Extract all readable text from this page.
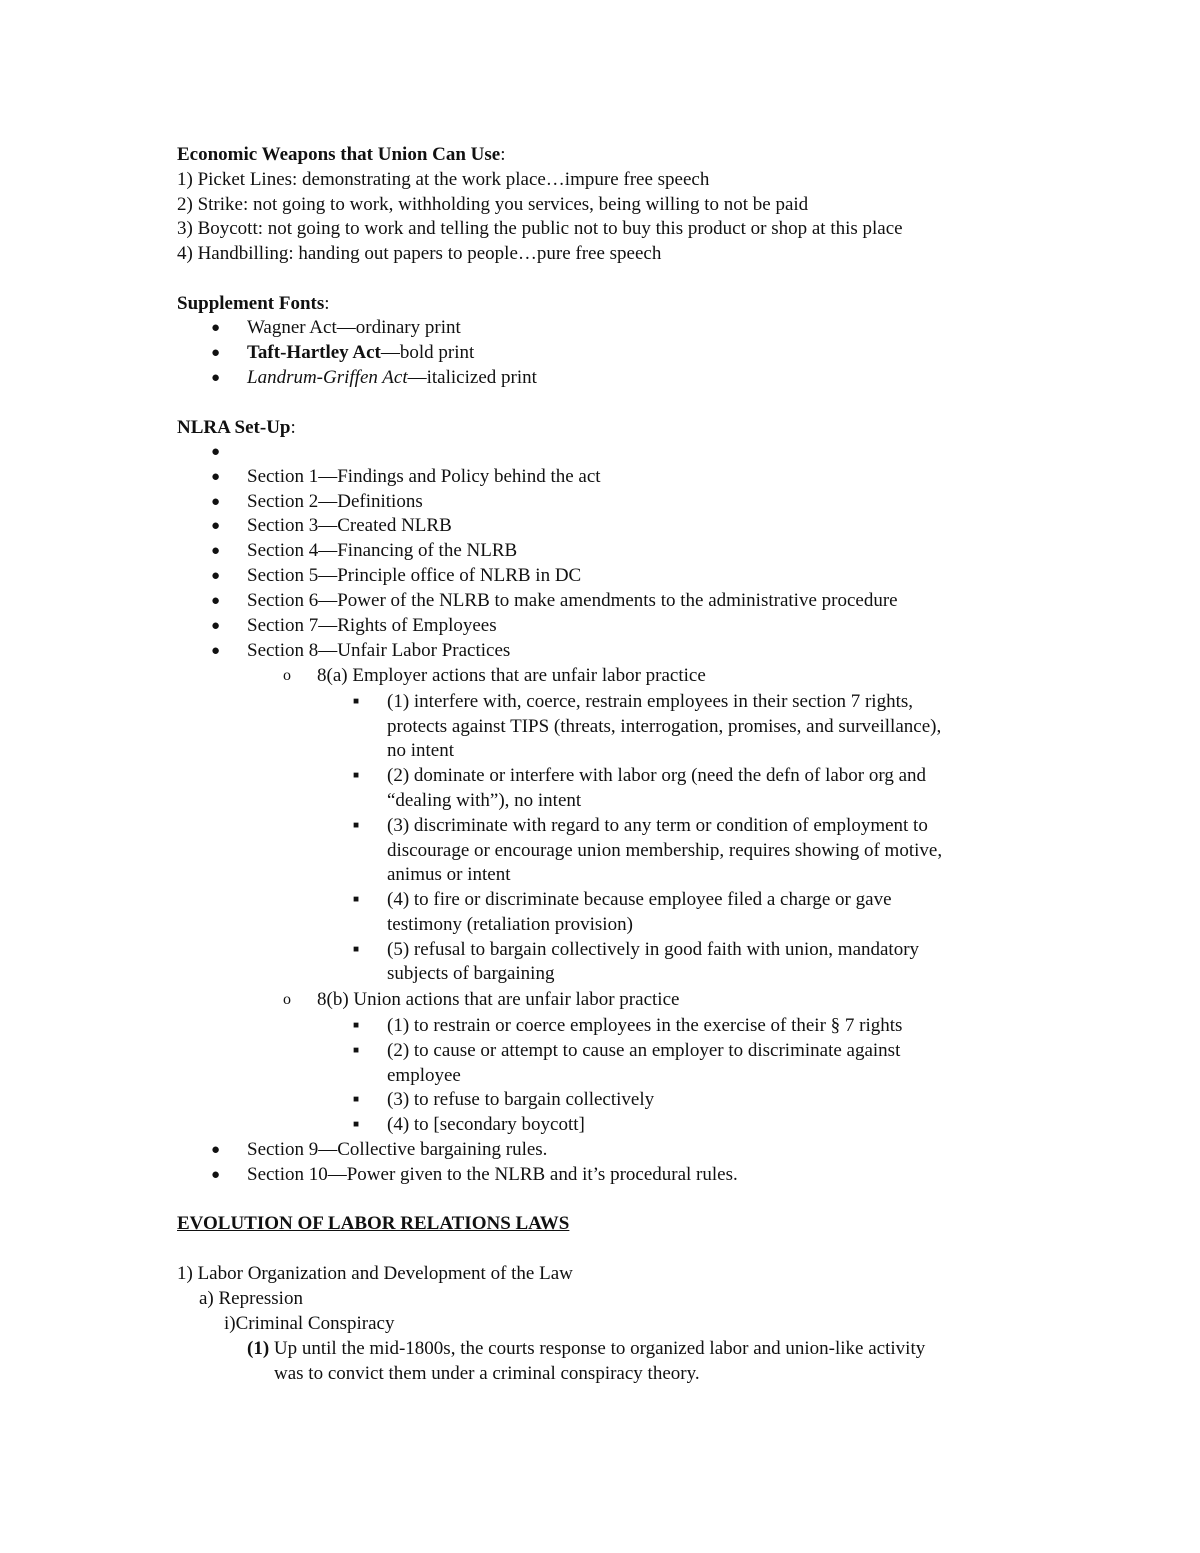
Economic Weapons that Union Can Use:
1) Picket Lines: demonstrating at the work place…impure free speech
2) Strike: not going to work, withholding you services, being willing to not be paid
3) Boycott: not going to work and telling the public not to buy this product or shop at this place
4) Handbilling: handing out papers to people…pure free speech
Supplement Fonts:
● Wagner Act—ordinary print
● Taft-Hartley Act—bold print
● Landrum-Griffen Act—italicized print
NLRA Set-Up:
●
● Section 1—Findings and Policy behind the act
● Section 2—Definitions
● Section 3—Created NLRB
● Section 4—Financing of the NLRB
● Section 5—Principle office of NLRB in DC
● Section 6—Power of the NLRB to make amendments to the administrative procedure
● Section 7—Rights of Employees
● Section 8—Unfair Labor Practices
o 8(a) Employer actions that are unfair labor practice
■ (1) interfere with, coerce, restrain employees in their section 7 rights,
protects against TIPS (threats, interrogation, promises, and surveillance),
no intent
■ (2) dominate or interfere with labor org (need the defn of labor org and
“dealing with”), no intent
■ (3) discriminate with regard to any term or condition of employment to
discourage or encourage union membership, requires showing of motive,
animus or intent
■ (4) to fire or discriminate because employee filed a charge or gave
testimony (retaliation provision)
■ (5) refusal to bargain collectively in good faith with union, mandatory
subjects of bargaining
o 8(b) Union actions that are unfair labor practice
■ (1) to restrain or coerce employees in the exercise of their § 7 rights
■ (2) to cause or attempt to cause an employer to discriminate against
employee
■ (3) to refuse to bargain collectively
■ (4) to [secondary boycott]
● Section 9—Collective bargaining rules.
● Section 10—Power given to the NLRB and it’s procedural rules.
EVOLUTION OF LABOR RELATIONS LAWS
1) Labor Organization and Development of the Law
a) Repression
i)Criminal Conspiracy
(1) Up until the mid-1800s, the courts response to organized labor and union-like activity
was to convict them under a criminal conspiracy theory.
